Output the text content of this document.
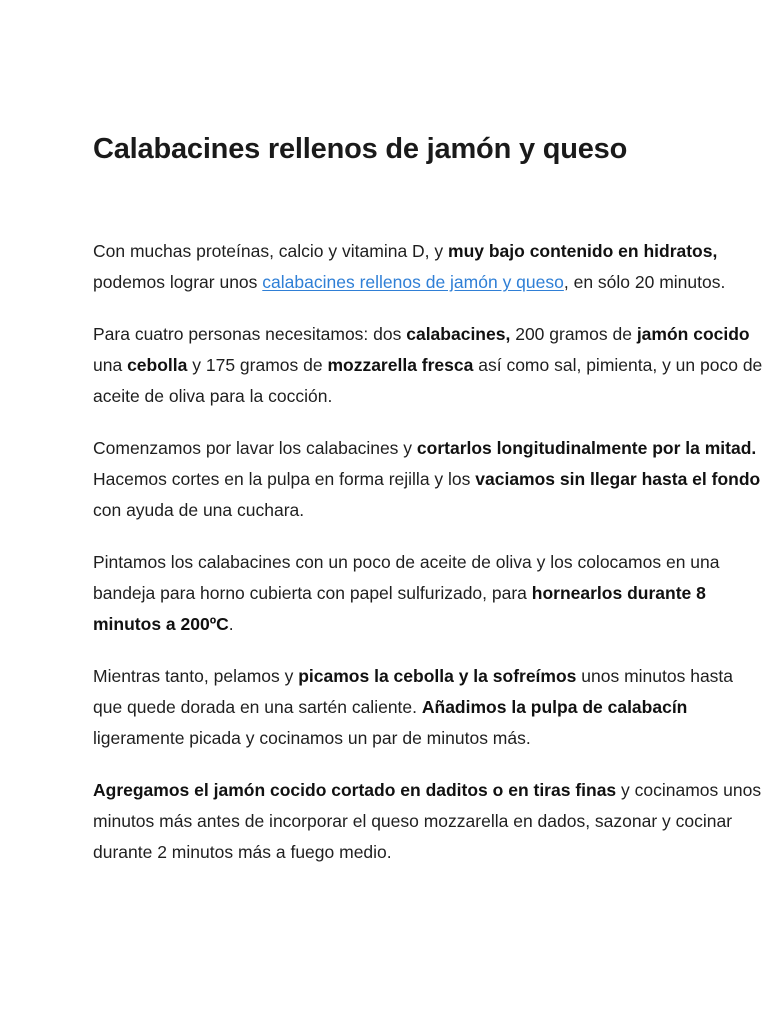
Calabacines rellenos de jamón y queso

Con muchas proteínas, calcio y vitamina D, y muy bajo contenido en hidratos,
podemos lograr unos calabacines rellenos de jamón y queso, en sólo 20 minutos.

Para cuatro personas necesitamos: dos calabacines, 200 gramos de jamón cocido
una cebolla y 175 gramos de mozzarella fresca así como sal, pimienta, y un poco de
aceite de oliva para la cocción.

Comenzamos por lavar los calabacines y cortarlos longitudinalmente por la mitad.
Hacemos cortes en la pulpa en forma rejilla y los vaciamos sin llegar hasta el fondo
con ayuda de una cuchara.

Pintamos los calabacines con un poco de aceite de oliva y los colocamos en una
bandeja para horno cubierta con papel sulfurizado, para hornearlos durante 8
minutos a 200ºC.

Mientras tanto, pelamos y picamos la cebolla y la sofreímos unos minutos hasta
que quede dorada en una sartén caliente. Añadimos la pulpa de calabacín
ligeramente picada y cocinamos un par de minutos más.

Agregamos el jamón cocido cortado en daditos o en tiras finas y cocinamos unos
minutos más antes de incorporar el queso mozzarella en dados, sazonar y cocinar
durante 2 minutos más a fuego medio.
